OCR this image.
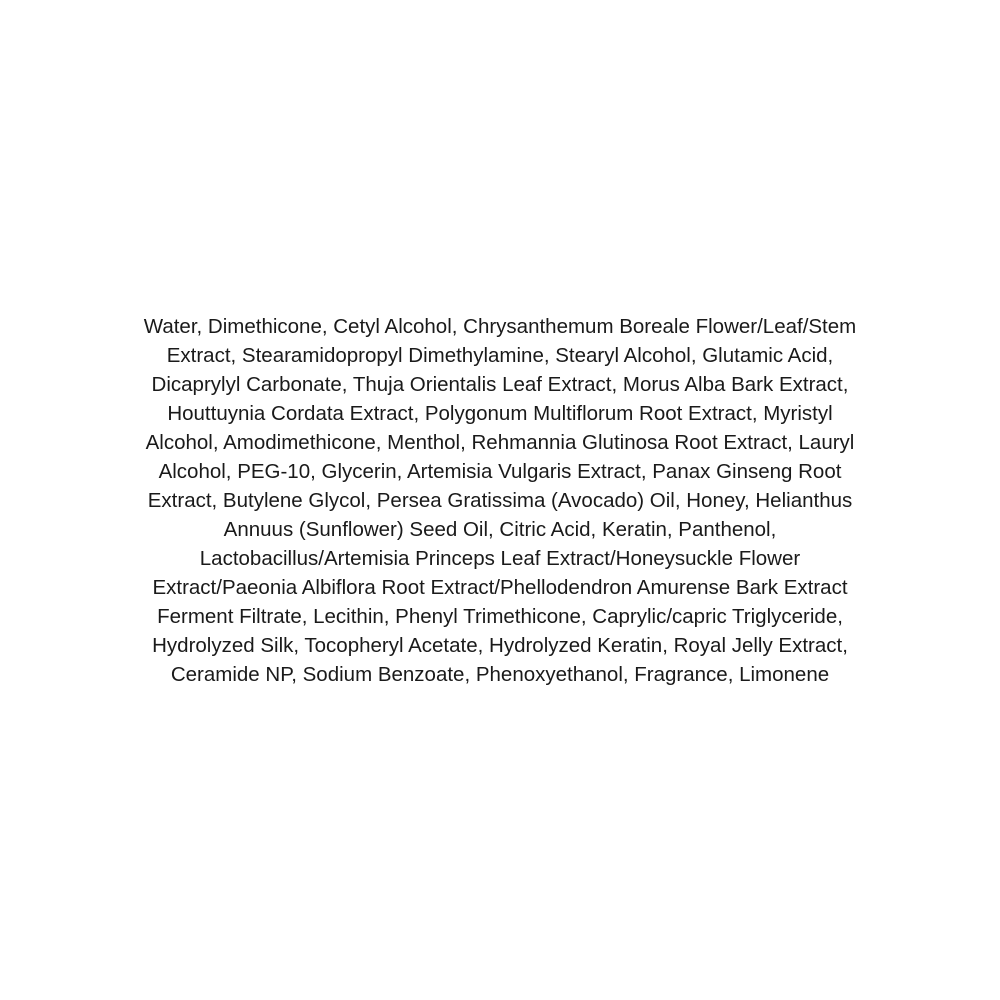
Water, Dimethicone, Cetyl Alcohol, Chrysanthemum Boreale Flower/Leaf/Stem
Extract, Stearamidopropyl Dimethylamine, Stearyl Alcohol, Glutamic Acid,
Dicaprylyl Carbonate, Thuja Orientalis Leaf Extract, Morus Alba Bark Extract,
Houttuynia Cordata Extract, Polygonum Multiflorum Root Extract, Myristyl
Alcohol, Amodimethicone, Menthol, Rehmannia Glutinosa Root Extract, Lauryl
Alcohol, PEG-10, Glycerin, Artemisia Vulgaris Extract, Panax Ginseng Root
Extract, Butylene Glycol, Persea Gratissima (Avocado) Oil, Honey, Helianthus
Annuus (Sunflower) Seed Oil, Citric Acid, Keratin, Panthenol,
Lactobacillus/Artemisia Princeps Leaf Extract/Honeysuckle Flower
Extract/Paeonia Albiflora Root Extract/Phellodendron Amurense Bark Extract
Ferment Filtrate, Lecithin, Phenyl Trimethicone, Caprylic/capric Triglyceride,
Hydrolyzed Silk, Tocopheryl Acetate, Hydrolyzed Keratin, Royal Jelly Extract,
Ceramide NP, Sodium Benzoate, Phenoxyethanol, Fragrance, Limonene
